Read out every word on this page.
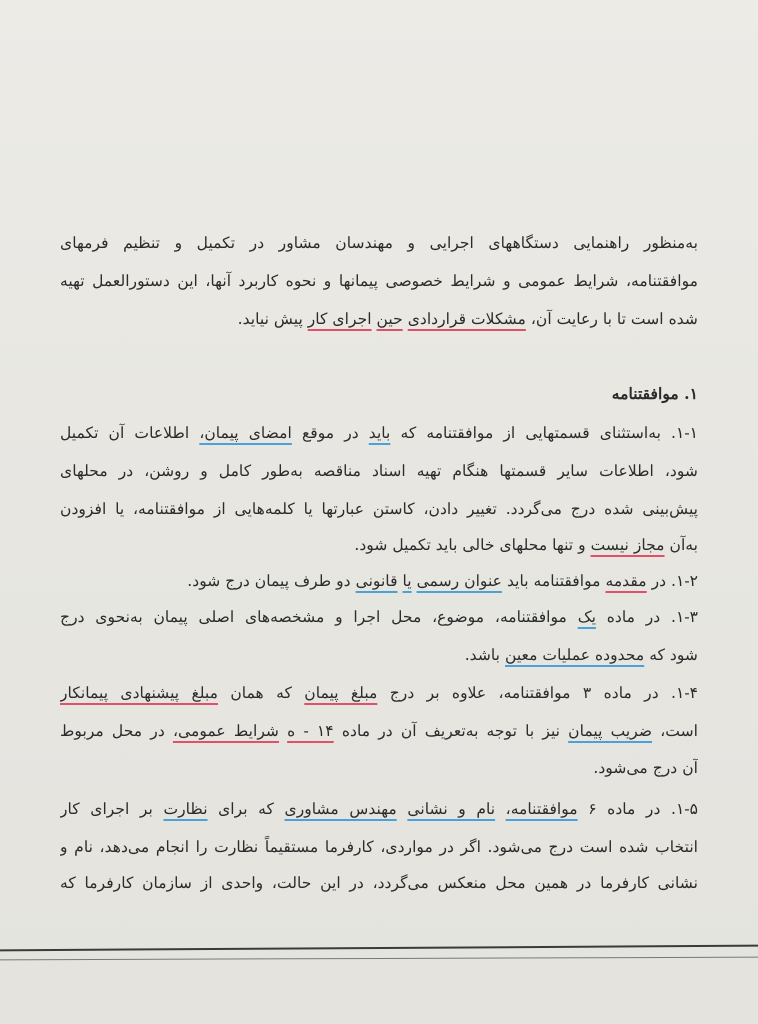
به‌منظور راهنمایی دستگاههای اجرایی و مهندسان مشاور در تکمیل و تنظیم فرمهای
موافقتنامه، شرایط عمومی و شرایط خصوصی پیمانها و نحوه کاربرد آنها، این دستورالعمل تهیه
شده است تا با رعایت آن، مشکلات قراردادی حین اجرای کار پیش نیاید.
۱. موافقتنامه
۱-۱. به‌استثنای قسمتهایی از موافقتنامه که باید در موقع امضای پیمان، اطلاعات آن تکمیل
شود، اطلاعات سایر قسمتها هنگام تهیه اسناد مناقصه به‌طور کامل و روشن، در محلهای
پیش‌بینی شده درج می‌گردد. تغییر دادن، کاستن عبارتها یا کلمه‌هایی از موافقتنامه، یا افزودن
به‌آن مجاز نیست و تنها محلهای خالی باید تکمیل شود.
۱-۲. در مقدمه موافقتنامه باید عنوان رسمی یا قانونی دو طرف پیمان درج شود.
۱-۳. در ماده یک موافقتنامه، موضوع، محل اجرا و مشخصه‌های اصلی پیمان به‌نحوی درج
شود که محدوده عملیات معین باشد.
۱-۴. در ماده ۳ موافقتنامه، علاوه بر درج مبلغ پیمان که همان مبلغ پیشنهادی پیمانکار
است، ضریب پیمان نیز با توجه به‌تعریف آن در ماده ۱۴ - ه شرایط عمومی، در محل مربوط
آن درج می‌شود.
۱-۵. در ماده ۶ موافقتنامه، نام و نشانی مهندس مشاوری که برای نظارت بر اجرای کار
انتخاب شده است درج می‌شود. اگر در مواردی، کارفرما مستقیماً نظارت را انجام می‌دهد، نام و
نشانی کارفرما در همین محل منعکس می‌گردد، در این حالت، واحدی از سازمان کارفرما که
